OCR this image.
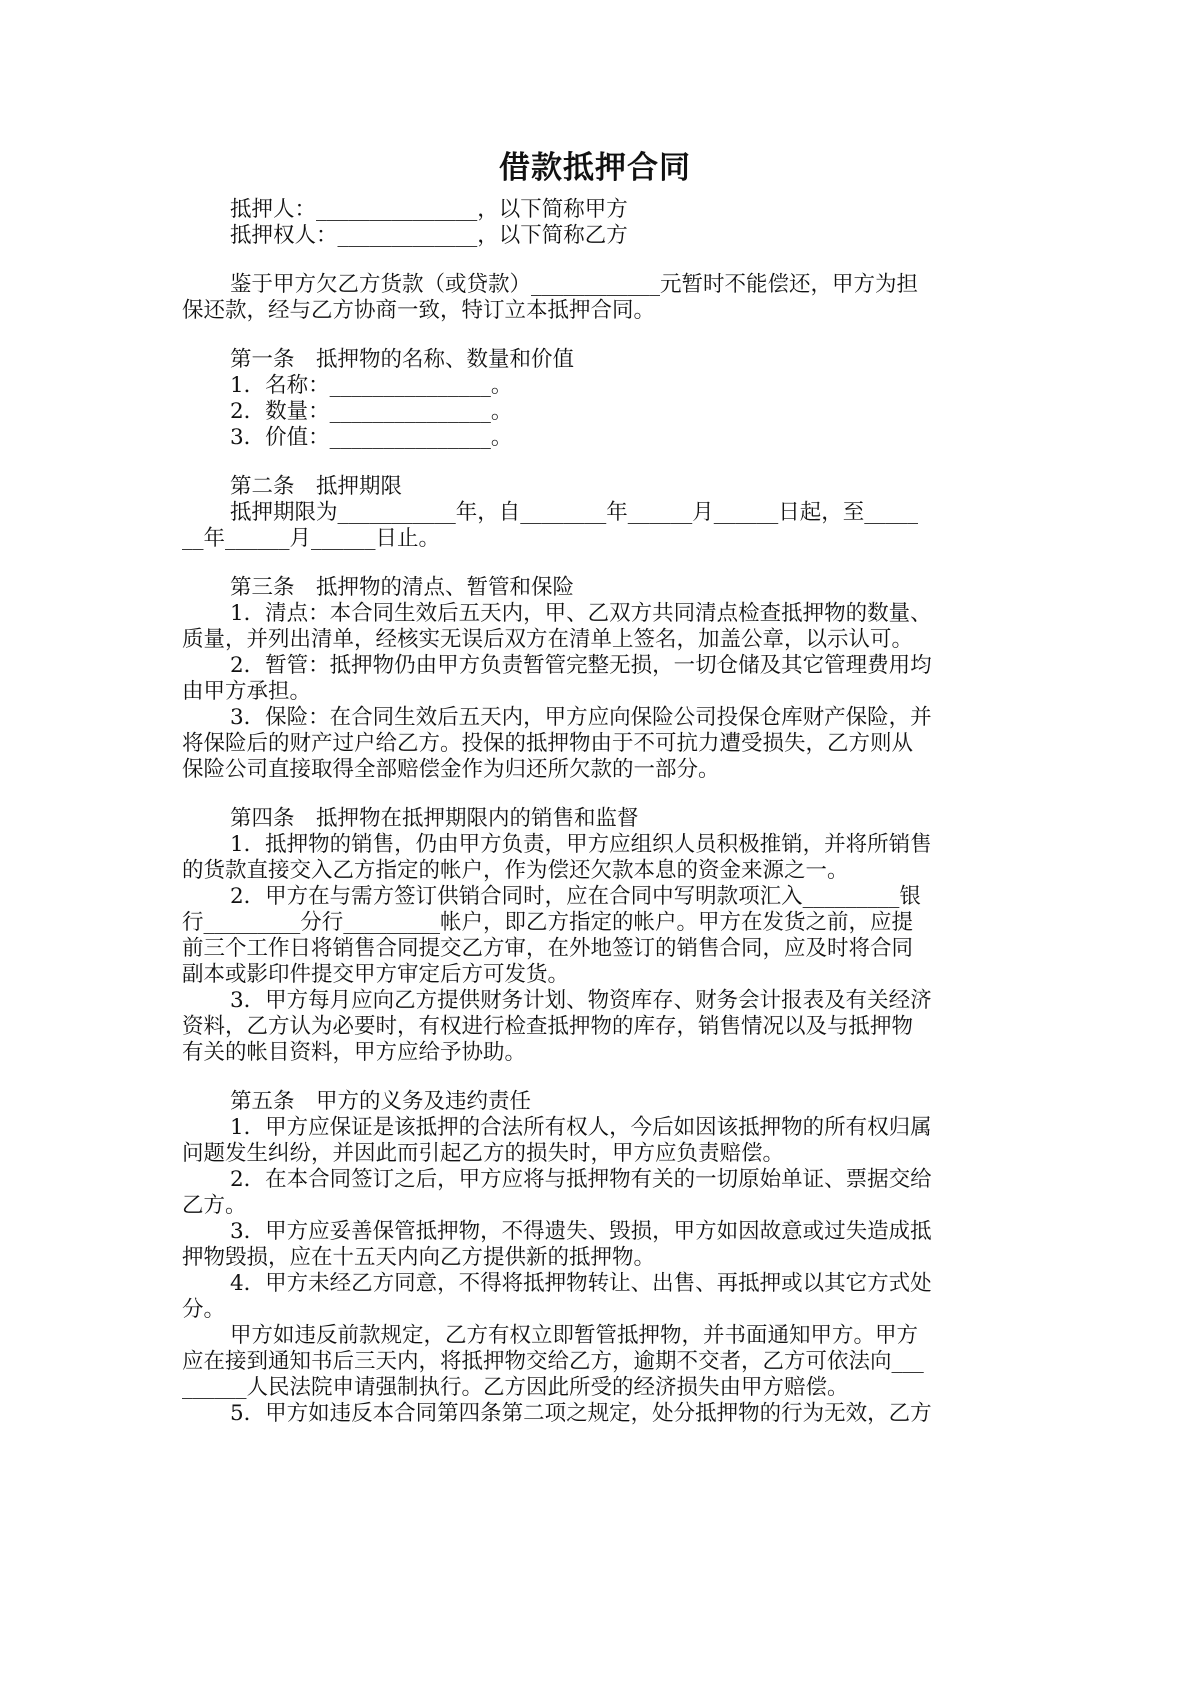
借款抵押合同
抵押人：_______________，以下简称甲方
抵押权人：_____________，以下简称乙方
鉴于甲方欠乙方货款（或贷款）____________元暂时不能偿还，甲方为担
保还款，经与乙方协商一致，特订立本抵押合同。
第一条　抵押物的名称、数量和价值
1．名称：_______________。
2．数量：_______________。
3．价值：_______________。
第二条　抵押期限
抵押期限为___________年，自________年______月______日起，至_____
__年______月______日止。
第三条　抵押物的清点、暂管和保险
1．清点：本合同生效后五天内，甲、乙双方共同清点检查抵押物的数量、
质量，并列出清单，经核实无误后双方在清单上签名，加盖公章，以示认可。
2．暂管：抵押物仍由甲方负责暂管完整无损，一切仓储及其它管理费用均
由甲方承担。
3．保险：在合同生效后五天内，甲方应向保险公司投保仓库财产保险，并
将保险后的财产过户给乙方。投保的抵押物由于不可抗力遭受损失，乙方则从
保险公司直接取得全部赔偿金作为归还所欠款的一部分。
第四条　抵押物在抵押期限内的销售和监督
1．抵押物的销售，仍由甲方负责，甲方应组织人员积极推销，并将所销售
的货款直接交入乙方指定的帐户，作为偿还欠款本息的资金来源之一。
2．甲方在与需方签订供销合同时，应在合同中写明款项汇入_________银
行_________分行_________帐户，即乙方指定的帐户。甲方在发货之前，应提
前三个工作日将销售合同提交乙方审，在外地签订的销售合同，应及时将合同
副本或影印件提交甲方审定后方可发货。
3．甲方每月应向乙方提供财务计划、物资库存、财务会计报表及有关经济
资料，乙方认为必要时，有权进行检查抵押物的库存，销售情况以及与抵押物
有关的帐目资料，甲方应给予协助。
第五条　甲方的义务及违约责任
1．甲方应保证是该抵押的合法所有权人，今后如因该抵押物的所有权归属
问题发生纠纷，并因此而引起乙方的损失时，甲方应负责赔偿。
2．在本合同签订之后，甲方应将与抵押物有关的一切原始单证、票据交给
乙方。
3．甲方应妥善保管抵押物，不得遗失、毁损，甲方如因故意或过失造成抵
押物毁损，应在十五天内向乙方提供新的抵押物。
4．甲方未经乙方同意，不得将抵押物转让、出售、再抵押或以其它方式处
分。
甲方如违反前款规定，乙方有权立即暂管抵押物，并书面通知甲方。甲方
应在接到通知书后三天内，将抵押物交给乙方，逾期不交者，乙方可依法向___
______人民法院申请强制执行。乙方因此所受的经济损失由甲方赔偿。
5．甲方如违反本合同第四条第二项之规定，处分抵押物的行为无效，乙方
